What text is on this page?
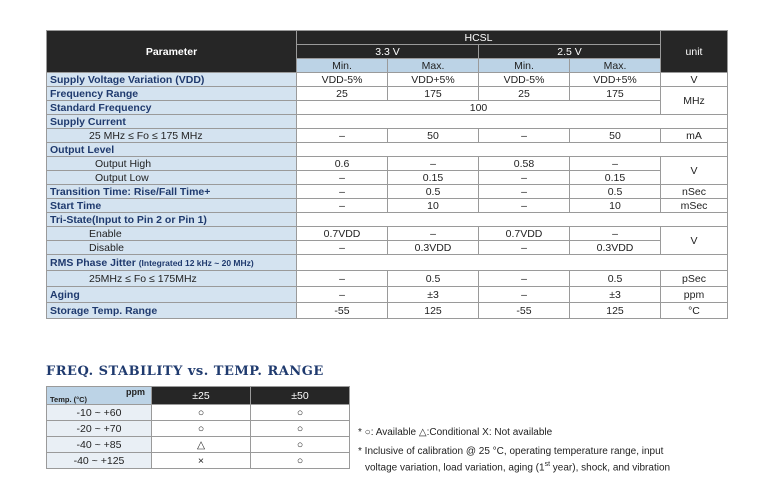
Parameter	HCSL				unit
	3.3 V		2.5 V		
	Min.	Max.	Min.	Max.	
Supply Voltage Variation (VDD)	VDD-5%	VDD+5%	VDD-5%	VDD+5%	V
Frequency Range	25	175	25	175	MHz
Standard Frequency	100				
Supply Current					
25 MHz ≤ Fo ≤ 175 MHz	–	50	–	50	mA
Output Level					
Output High	0.6	–	0.58	–	V
Output Low	–	0.15	–	0.15	
Transition Time: Rise/Fall Time+	–	0.5	–	0.5	nSec
Start Time	–	10	–	10	mSec
Tri-State(Input to Pin 2 or Pin 1)					
Enable	0.7VDD	–	0.7VDD	–	V
Disable	–	0.3VDD	–	0.3VDD	
RMS Phase Jitter (Integrated 12 kHz ~ 20 MHz)					
25MHz ≤ Fo ≤ 175MHz	–	0.5	–	0.5	pSec
Aging	–	±3	–	±3	ppm
Storage Temp. Range	-55	125	-55	125	°C
FREQ. STABILITY vs. TEMP. RANGE
ppm
Temp. (°C)	±25	±50
-10 ~ +60	○	○
-20 ~ +70	○	○
-40 ~ +85	△	○
-40 ~ +125	×	○
* ○: Available △:Conditional X: Not available
* Inclusive of calibration @ 25 °C, operating temperature range, input
voltage variation, load variation, aging (1st year), shock, and vibration
